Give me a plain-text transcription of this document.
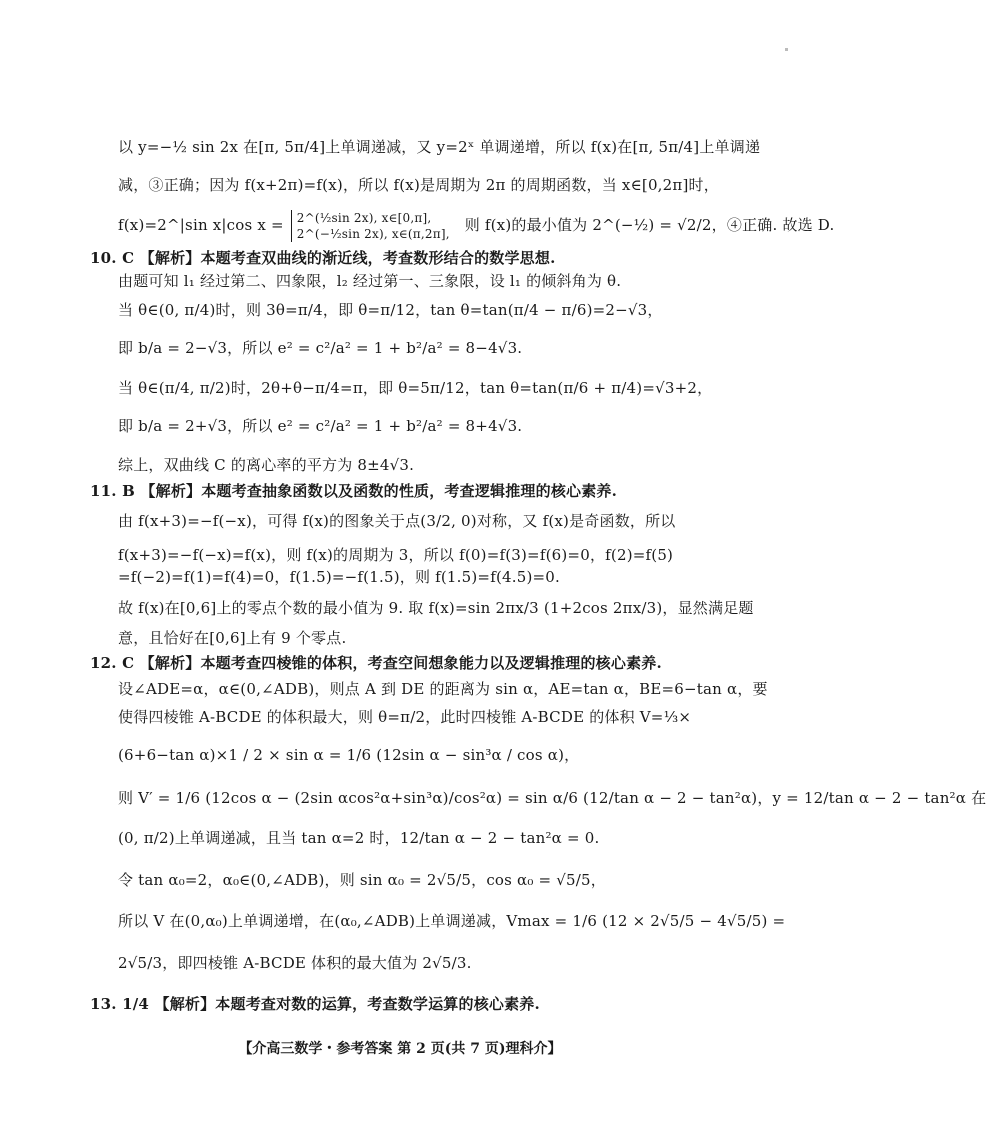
以 y=−½ sin 2x 在[π, 5π/4]上单调递减，又 y=2ˣ 单调递增，所以 f(x)在[π, 5π/4]上单调递
减，③正确；因为 f(x+2π)=f(x)，所以 f(x)是周期为 2π 的周期函数，当 x∈[0,2π]时，
f(x)=2^|sin x|cos x = 2^(½sin 2x), x∈[0,π],
2^(−½sin 2x), x∈(π,2π], 则 f(x)的最小值为 2^(−½) = √2/2，④正确. 故选 D.
10. C 【解析】本题考查双曲线的渐近线，考查数形结合的数学思想.
由题可知 l₁ 经过第二、四象限，l₂ 经过第一、三象限，设 l₁ 的倾斜角为 θ.
当 θ∈(0, π/4)时，则 3θ=π/4，即 θ=π/12，tan θ=tan(π/4 − π/6)=2−√3，
即 b/a = 2−√3，所以 e² = c²/a² = 1 + b²/a² = 8−4√3.
当 θ∈(π/4, π/2)时，2θ+θ−π/4=π，即 θ=5π/12，tan θ=tan(π/6 + π/4)=√3+2，
即 b/a = 2+√3，所以 e² = c²/a² = 1 + b²/a² = 8+4√3.
综上，双曲线 C 的离心率的平方为 8±4√3.
11. B 【解析】本题考查抽象函数以及函数的性质，考查逻辑推理的核心素养.
由 f(x+3)=−f(−x)，可得 f(x)的图象关于点(3/2, 0)对称，又 f(x)是奇函数，所以
f(x+3)=−f(−x)=f(x)，则 f(x)的周期为 3，所以 f(0)=f(3)=f(6)=0，f(2)=f(5)
=f(−2)=f(1)=f(4)=0，f(1.5)=−f(1.5)，则 f(1.5)=f(4.5)=0.
故 f(x)在[0,6]上的零点个数的最小值为 9. 取 f(x)=sin 2πx/3 (1+2cos 2πx/3)，显然满足题
意，且恰好在[0,6]上有 9 个零点.
12. C 【解析】本题考查四棱锥的体积，考查空间想象能力以及逻辑推理的核心素养.
设∠ADE=α，α∈(0,∠ADB)，则点 A 到 DE 的距离为 sin α，AE=tan α，BE=6−tan α，要
使得四棱锥 A-BCDE 的体积最大，则 θ=π/2，此时四棱锥 A-BCDE 的体积 V=⅓×
(6+6−tan α)×1 / 2 × sin α = 1/6 (12sin α − sin³α / cos α)，
则 V′ = 1/6 (12cos α − (2sin αcos²α+sin³α)/cos²α) = sin α/6 (12/tan α − 2 − tan²α)，y = 12/tan α − 2 − tan²α 在
(0, π/2)上单调递减，且当 tan α=2 时，12/tan α − 2 − tan²α = 0.
令 tan α₀=2，α₀∈(0,∠ADB)，则 sin α₀ = 2√5/5，cos α₀ = √5/5，
所以 V 在(0,α₀)上单调递增，在(α₀,∠ADB)上单调递减，Vmax = 1/6 (12 × 2√5/5 − 4√5/5) =
2√5/3，即四棱锥 A-BCDE 体积的最大值为 2√5/3.
13. 1/4 【解析】本题考查对数的运算，考查数学运算的核心素养.
【介高三数学・参考答案 第 2 页(共 7 页)理科介】
